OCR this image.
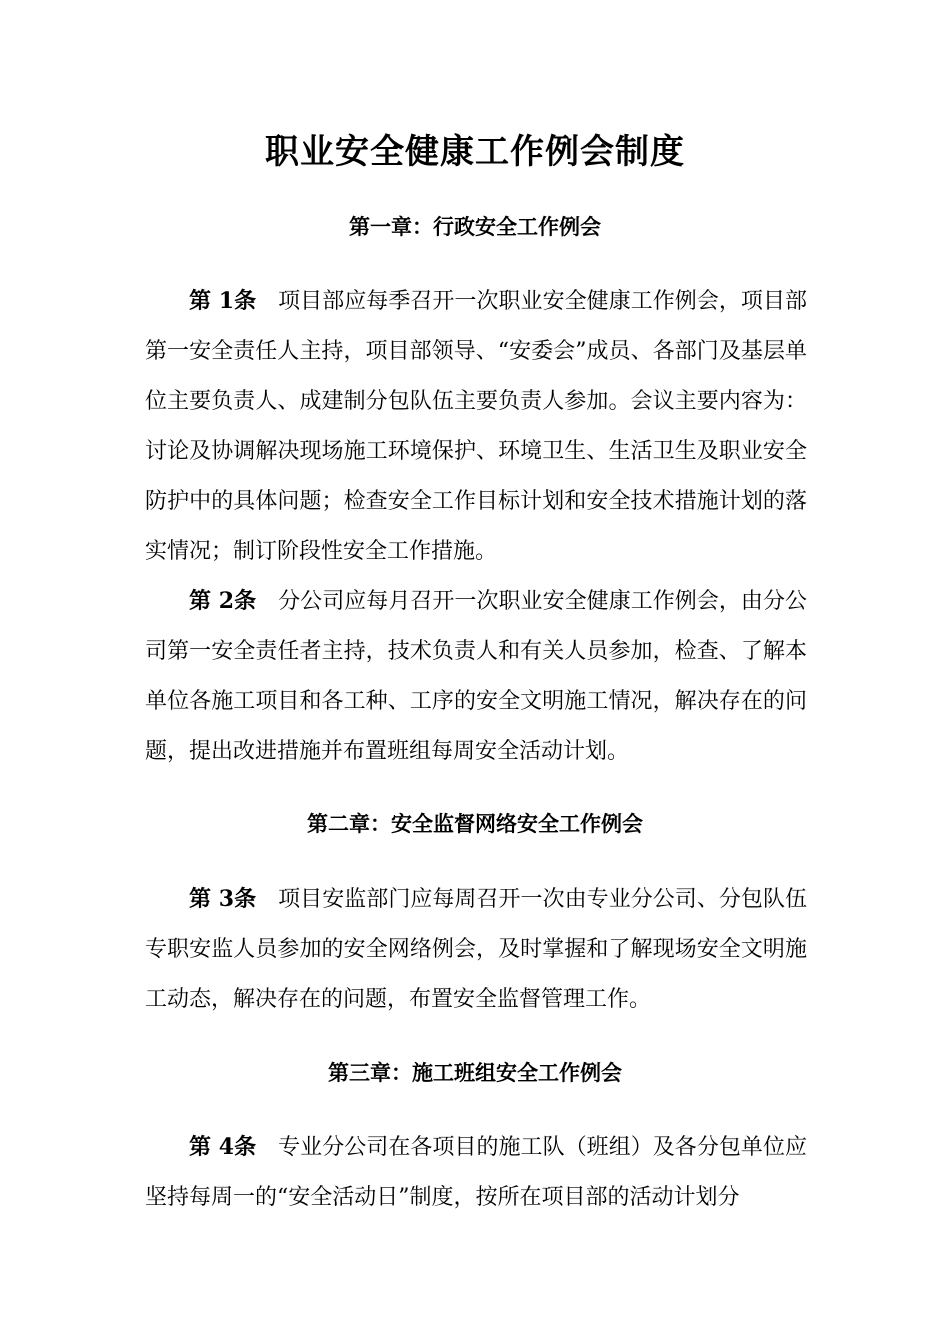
职业安全健康工作例会制度
第一章：行政安全工作例会

第 1条 项目部应每季召开一次职业安全健康工作例会，项目部第一安全责任人主持，项目部领导、“安委会”成员、各部门及基层单位主要负责人、成建制分包队伍主要负责人参加。会议主要内容为：讨论及协调解决现场施工环境保护、环境卫生、生活卫生及职业安全防护中的具体问题；检查安全工作目标计划和安全技术措施计划的落实情况；制订阶段性安全工作措施。

第 2条 分公司应每月召开一次职业安全健康工作例会，由分公司第一安全责任者主持，技术负责人和有关人员参加，检查、了解本单位各施工项目和各工种、工序的安全文明施工情况，解决存在的问题，提出改进措施并布置班组每周安全活动计划。

第二章：安全监督网络安全工作例会

第 3条 项目安监部门应每周召开一次由专业分公司、分包队伍专职安监人员参加的安全网络例会，及时掌握和了解现场安全文明施工动态，解决存在的问题，布置安全监督管理工作。

第三章：施工班组安全工作例会

第 4条 专业分公司在各项目的施工队（班组）及各分包单位应坚持每周一的“安全活动日”制度，按所在项目部的活动计划分
